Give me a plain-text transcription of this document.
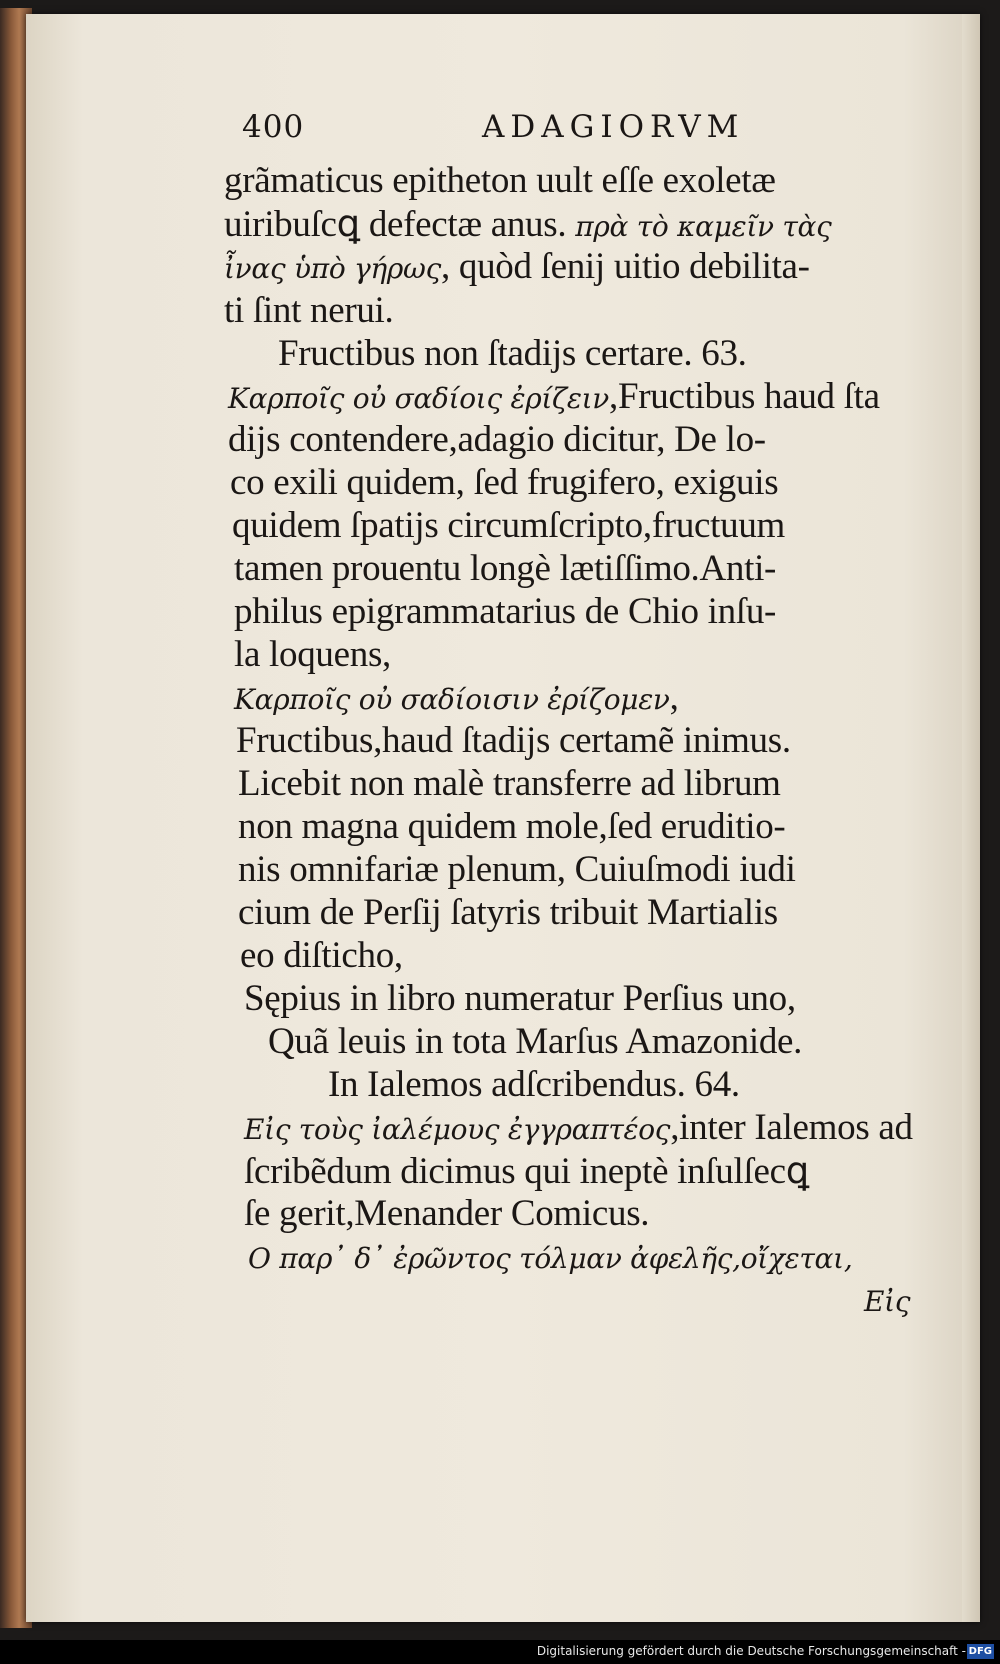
400	ADAGIORVM
grãmaticus epitheton uult eſſe exoletæ
uiribuſcꝗ defectæ anus. πρὰ τὸ καμεῖν τὰς
ἶνας ὑπὸ γήρως, quòd ſenij uitio debilita-
ti ſint nerui.
Fructibus non ſtadijs certare. 63.
Καρποῖς οὐ σαδίοις ἐρίζειν,Fructibus haud ſta
dijs contendere,adagio dicitur, De lo-
co exili quidem, ſed frugifero, exiguis
quidem ſpatijs circumſcripto,fructuum
tamen prouentu longè lætiſſimo.Anti-
philus epigrammatarius de Chio inſu-
la loquens,
Καρποῖς οὐ σαδίοισιν ἐρίζομεν,
Fructibus,haud ſtadijs certamẽ inimus.
Licebit non malè transferre ad librum
non magna quidem mole,ſed eruditio-
nis omnifariæ plenum, Cuiuſmodi iudi
cium de Perſij ſatyris tribuit Martialis
eo diſticho,
Sępius in libro numeratur Perſius uno,
Quã leuis in tota Marſus Amazonide.
In Ialemos adſcribendus. 64.
Εἰς τοὺς ἰαλέμους ἐγγραπτέος,inter Ialemos ad
ſcribẽdum dicimus qui ineptè inſulſecꝗ
ſe gerit,Menander Comicus.
Ο παρ᾽ δ᾽ ἐρῶντος τόλμαν ἀφελῆς,οἴχεται,
Εἰς
Digitalisierung gefördert durch die Deutsche Forschungsgemeinschaft - DFG
